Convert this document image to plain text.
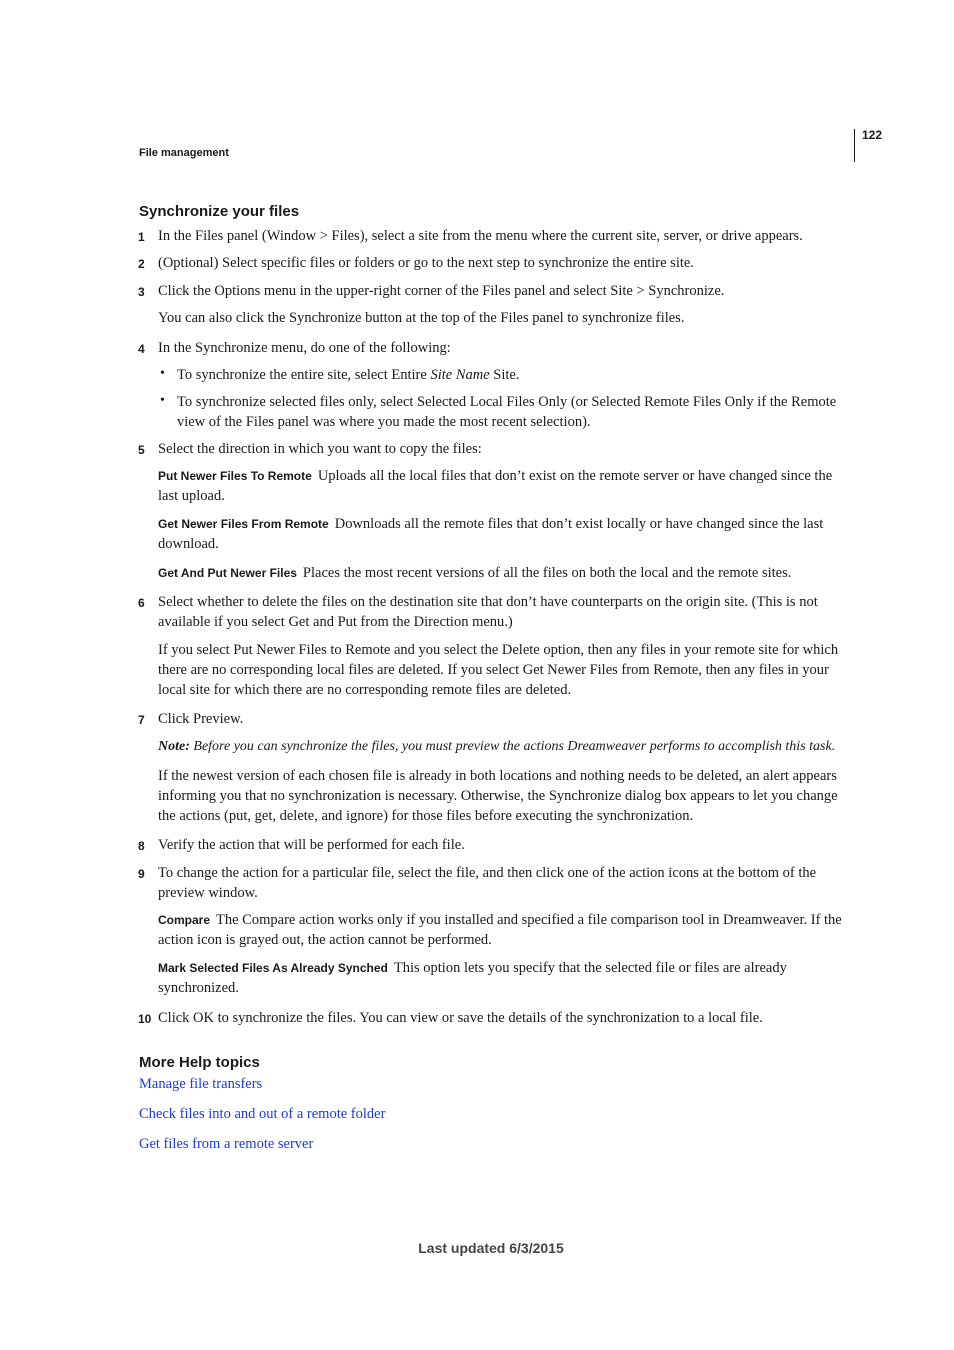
122
File management
Synchronize your files
1 In the Files panel (Window > Files), select a site from the menu where the current site, server, or drive appears.
2 (Optional) Select specific files or folders or go to the next step to synchronize the entire site.
3 Click the Options menu in the upper-right corner of the Files panel and select Site > Synchronize.
You can also click the Synchronize button at the top of the Files panel to synchronize files.
4 In the Synchronize menu, do one of the following:
• To synchronize the entire site, select Entire Site Name Site.
• To synchronize selected files only, select Selected Local Files Only (or Selected Remote Files Only if the Remote view of the Files panel was where you made the most recent selection).
5 Select the direction in which you want to copy the files:
Put Newer Files To Remote Uploads all the local files that don’t exist on the remote server or have changed since the last upload.
Get Newer Files From Remote Downloads all the remote files that don’t exist locally or have changed since the last download.
Get And Put Newer Files Places the most recent versions of all the files on both the local and the remote sites.
6 Select whether to delete the files on the destination site that don’t have counterparts on the origin site. (This is not available if you select Get and Put from the Direction menu.)
If you select Put Newer Files to Remote and you select the Delete option, then any files in your remote site for which there are no corresponding local files are deleted. If you select Get Newer Files from Remote, then any files in your local site for which there are no corresponding remote files are deleted.
7 Click Preview.
Note: Before you can synchronize the files, you must preview the actions Dreamweaver performs to accomplish this task.
If the newest version of each chosen file is already in both locations and nothing needs to be deleted, an alert appears informing you that no synchronization is necessary. Otherwise, the Synchronize dialog box appears to let you change the actions (put, get, delete, and ignore) for those files before executing the synchronization.
8 Verify the action that will be performed for each file.
9 To change the action for a particular file, select the file, and then click one of the action icons at the bottom of the preview window.
Compare The Compare action works only if you installed and specified a file comparison tool in Dreamweaver. If the action icon is grayed out, the action cannot be performed.
Mark Selected Files As Already Synched This option lets you specify that the selected file or files are already synchronized.
10 Click OK to synchronize the files. You can view or save the details of the synchronization to a local file.
More Help topics
Manage file transfers
Check files into and out of a remote folder
Get files from a remote server
Last updated 6/3/2015
